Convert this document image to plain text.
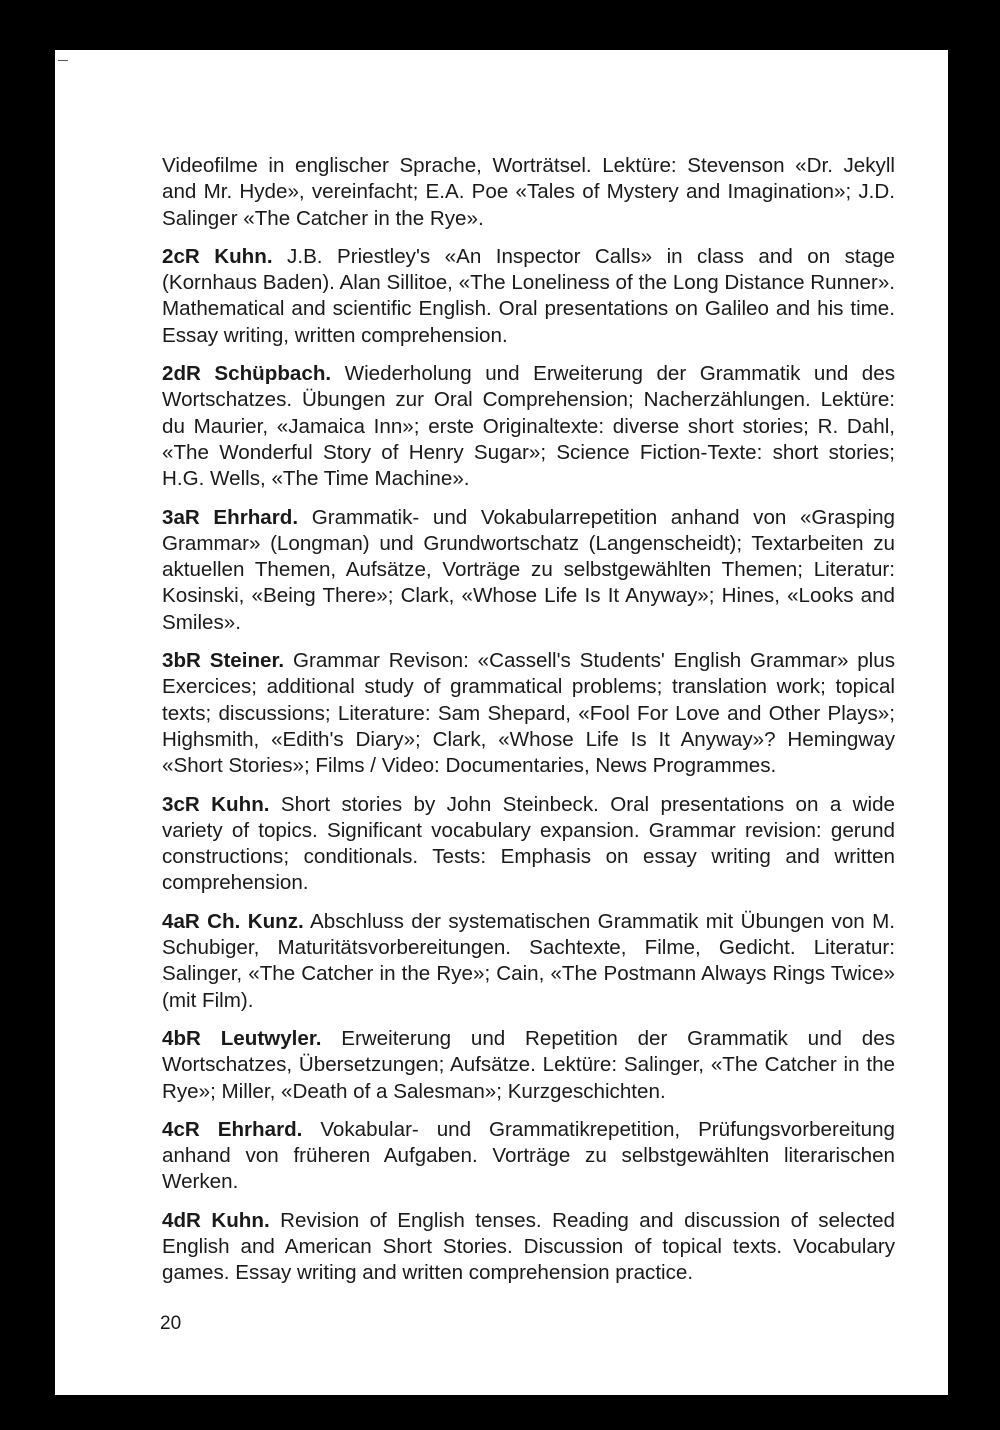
Videofilme in englischer Sprache, Worträtsel. Lektüre: Stevenson «Dr. Jekyll and Mr. Hyde», vereinfacht; E.A. Poe «Tales of Mystery and Imagination»; J.D. Salinger «The Catcher in the Rye».

2cR Kuhn. J.B. Priestley's «An Inspector Calls» in class and on stage (Kornhaus Baden). Alan Sillitoe, «The Loneliness of the Long Distance Runner». Mathematical and scientific English. Oral presentations on Galileo and his time. Essay writing, written comprehension.

2dR Schüpbach. Wiederholung und Erweiterung der Grammatik und des Wortschatzes. Übungen zur Oral Comprehension; Nacherzählungen. Lektüre: du Maurier, «Jamaica Inn»; erste Originaltexte: diverse short stories; R. Dahl, «The Wonderful Story of Henry Sugar»; Science Fiction-Texte: short stories; H.G. Wells, «The Time Machine».

3aR Ehrhard. Grammatik- und Vokabularrepetition anhand von «Grasping Grammar» (Longman) und Grundwortschatz (Langenscheidt); Textarbeiten zu aktuellen Themen, Aufsätze, Vorträge zu selbstgewählten Themen; Literatur: Kosinski, «Being There»; Clark, «Whose Life Is It Anyway»; Hines, «Looks and Smiles».

3bR Steiner. Grammar Revison: «Cassell's Students' English Grammar» plus Exercices; additional study of grammatical problems; translation work; topical texts; discussions; Literature: Sam Shepard, «Fool For Love and Other Plays»; Highsmith, «Edith's Diary»; Clark, «Whose Life Is It Anyway»? Hemingway «Short Stories»; Films / Video: Documentaries, News Programmes.

3cR Kuhn. Short stories by John Steinbeck. Oral presentations on a wide variety of topics. Significant vocabulary expansion. Grammar revision: gerund constructions; conditionals. Tests: Emphasis on essay writing and written comprehension.

4aR Ch. Kunz. Abschluss der systematischen Grammatik mit Übungen von M. Schubiger, Maturitätsvorbereitungen. Sachtexte, Filme, Gedicht. Literatur: Salinger, «The Catcher in the Rye»; Cain, «The Postmann Always Rings Twice» (mit Film).

4bR Leutwyler. Erweiterung und Repetition der Grammatik und des Wortschatzes, Übersetzungen; Aufsätze. Lektüre: Salinger, «The Catcher in the Rye»; Miller, «Death of a Salesman»; Kurzgeschichten.

4cR Ehrhard. Vokabular- und Grammatikrepetition, Prüfungsvorbereitung anhand von früheren Aufgaben. Vorträge zu selbstgewählten literarischen Werken.

4dR Kuhn. Revision of English tenses. Reading and discussion of selected English and American Short Stories. Discussion of topical texts. Vocabulary games. Essay writing and written comprehension practice.

20
